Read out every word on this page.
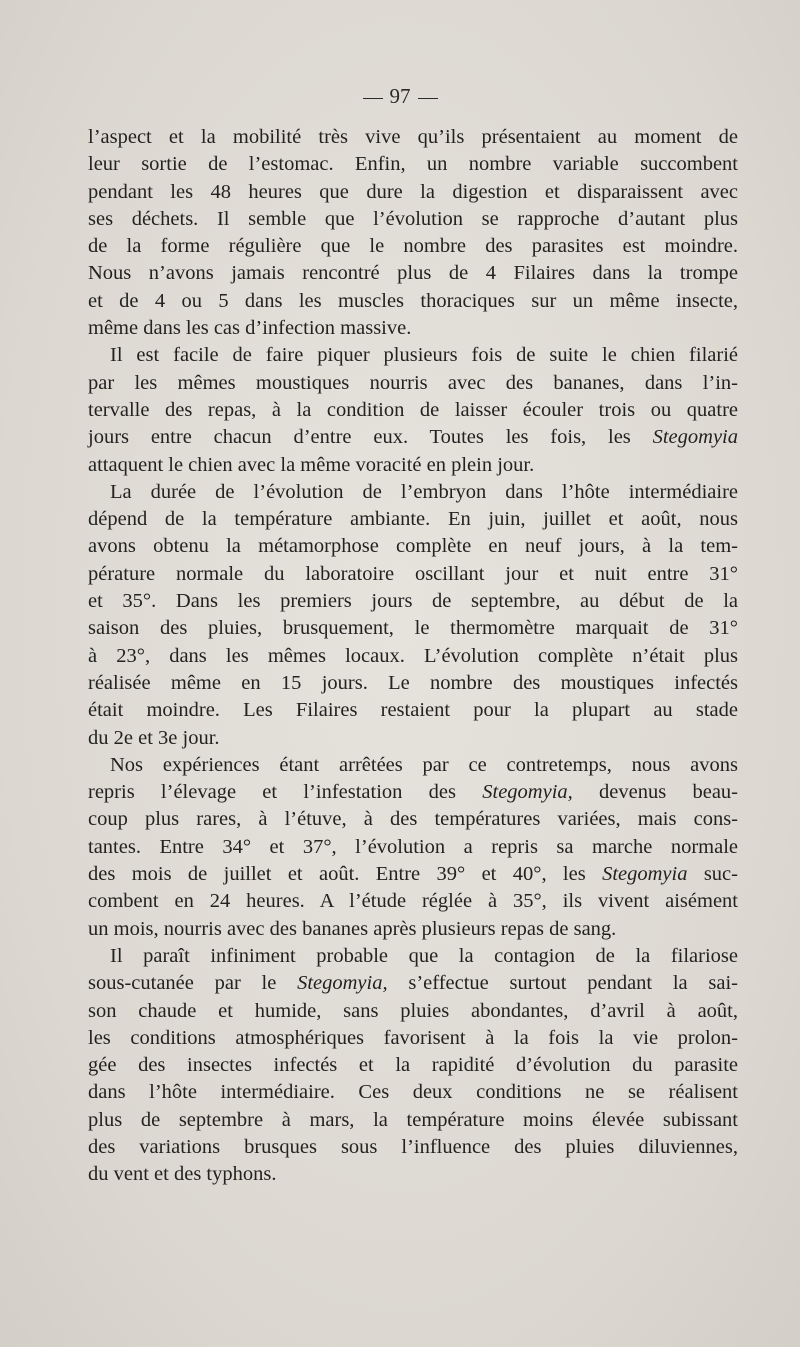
97
l’aspect et la mobilité très vive qu’ils présentaient au moment de
leur sortie de l’estomac. Enfin, un nombre variable succombent
pendant les 48 heures que dure la digestion et disparaissent avec
ses déchets. Il semble que l’évolution se rapproche d’autant plus
de la forme régulière que le nombre des parasites est moindre.
Nous n’avons jamais rencontré plus de 4 Filaires dans la trompe
et de 4 ou 5 dans les muscles thoraciques sur un même insecte,
même dans les cas d’infection massive.
Il est facile de faire piquer plusieurs fois de suite le chien filarié
par les mêmes moustiques nourris avec des bananes, dans l’in-
tervalle des repas, à la condition de laisser écouler trois ou quatre
jours entre chacun d’entre eux. Toutes les fois, les Stegomyia
attaquent le chien avec la même voracité en plein jour.
La durée de l’évolution de l’embryon dans l’hôte intermédiaire
dépend de la température ambiante. En juin, juillet et août, nous
avons obtenu la métamorphose complète en neuf jours, à la tem-
pérature normale du laboratoire oscillant jour et nuit entre 31°
et 35°. Dans les premiers jours de septembre, au début de la
saison des pluies, brusquement, le thermomètre marquait de 31°
à 23°, dans les mêmes locaux. L’évolution complète n’était plus
réalisée même en 15 jours. Le nombre des moustiques infectés
était moindre. Les Filaires restaient pour la plupart au stade
du 2e et 3e jour.
Nos expériences étant arrêtées par ce contretemps, nous avons
repris l’élevage et l’infestation des Stegomyia, devenus beau-
coup plus rares, à l’étuve, à des températures variées, mais cons-
tantes. Entre 34° et 37°, l’évolution a repris sa marche normale
des mois de juillet et août. Entre 39° et 40°, les Stegomyia suc-
combent en 24 heures. A l’étude réglée à 35°, ils vivent aisément
un mois, nourris avec des bananes après plusieurs repas de sang.
Il paraît infiniment probable que la contagion de la filariose
sous-cutanée par le Stegomyia, s’effectue surtout pendant la sai-
son chaude et humide, sans pluies abondantes, d’avril à août,
les conditions atmosphériques favorisent à la fois la vie prolon-
gée des insectes infectés et la rapidité d’évolution du parasite
dans l’hôte intermédiaire. Ces deux conditions ne se réalisent
plus de septembre à mars, la température moins élevée subissant
des variations brusques sous l’influence des pluies diluviennes,
du vent et des typhons.
